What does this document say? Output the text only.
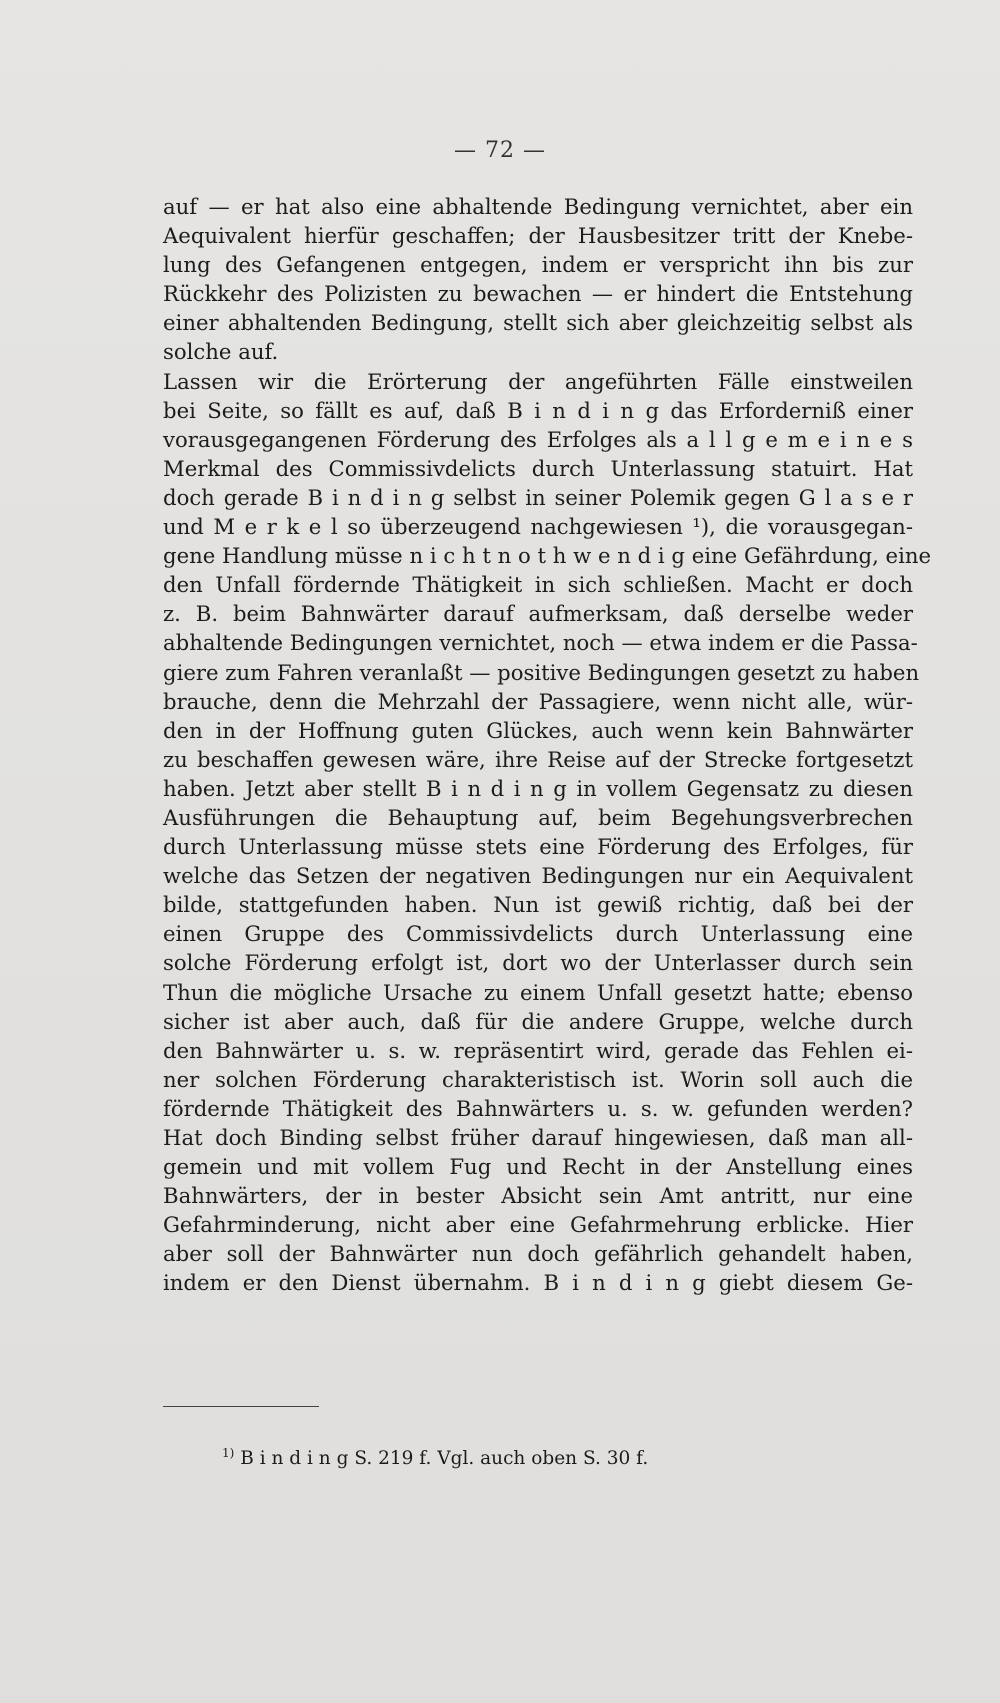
— 72 —
auf — er hat also eine abhaltende Bedingung vernichtet, aber ein
Aequivalent hierfür geschaffen; der Hausbesitzer tritt der Knebe-
lung des Gefangenen entgegen, indem er verspricht ihn bis zur
Rückkehr des Polizisten zu bewachen — er hindert die Entstehung
einer abhaltenden Bedingung, stellt sich aber gleichzeitig selbst als
solche auf.
Lassen wir die Erörterung der angeführten Fälle einstweilen
bei Seite, so fällt es auf, daß B i n d i n g das Erforderniß einer
vorausgegangenen Förderung des Erfolges als a l l g e m e i n e s
Merkmal des Commissivdelicts durch Unterlassung statuirt. Hat
doch gerade B i n d i n g selbst in seiner Polemik gegen G l a s e r
und M e r k e l so überzeugend nachgewiesen ¹), die vorausgegan-
gene Handlung müsse n i c h t n o t h w e n d i g eine Gefährdung, eine
den Unfall fördernde Thätigkeit in sich schließen. Macht er doch
z. B. beim Bahnwärter darauf aufmerksam, daß derselbe weder
abhaltende Bedingungen vernichtet, noch — etwa indem er die Passa-
giere zum Fahren veranlaßt — positive Bedingungen gesetzt zu haben
brauche, denn die Mehrzahl der Passagiere, wenn nicht alle, wür-
den in der Hoffnung guten Glückes, auch wenn kein Bahnwärter
zu beschaffen gewesen wäre, ihre Reise auf der Strecke fortgesetzt
haben. Jetzt aber stellt B i n d i n g in vollem Gegensatz zu diesen
Ausführungen die Behauptung auf, beim Begehungsverbrechen
durch Unterlassung müsse stets eine Förderung des Erfolges, für
welche das Setzen der negativen Bedingungen nur ein Aequivalent
bilde, stattgefunden haben. Nun ist gewiß richtig, daß bei der
einen Gruppe des Commissivdelicts durch Unterlassung eine
solche Förderung erfolgt ist, dort wo der Unterlasser durch sein
Thun die mögliche Ursache zu einem Unfall gesetzt hatte; ebenso
sicher ist aber auch, daß für die andere Gruppe, welche durch
den Bahnwärter u. s. w. repräsentirt wird, gerade das Fehlen ei-
ner solchen Förderung charakteristisch ist. Worin soll auch die
fördernde Thätigkeit des Bahnwärters u. s. w. gefunden werden?
Hat doch Binding selbst früher darauf hingewiesen, daß man all-
gemein und mit vollem Fug und Recht in der Anstellung eines
Bahnwärters, der in bester Absicht sein Amt antritt, nur eine
Gefahrminderung, nicht aber eine Gefahrmehrung erblicke. Hier
aber soll der Bahnwärter nun doch gefährlich gehandelt haben,
indem er den Dienst übernahm. B i n d i n g giebt diesem Ge-
$^{1)}$ B i n d i n g S. 219 f. Vgl. auch oben S. 30 f.
